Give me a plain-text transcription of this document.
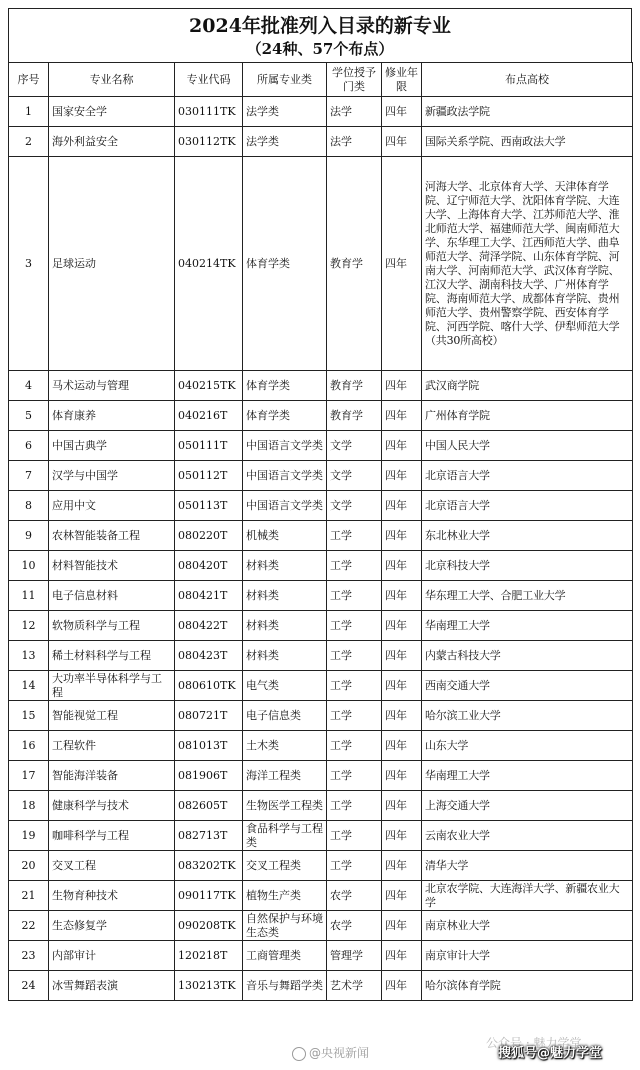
2024年批准列入目录的新专业
（24种、57个布点）
序号	专业名称	专业代码	所属专业类	学位授予门类	修业年限	布点高校
1	国家安全学	030111TK	法学类	法学	四年	新疆政法学院
2	海外利益安全	030112TK	法学类	法学	四年	国际关系学院、西南政法大学
3	足球运动	040214TK	体育学类	教育学	四年	河海大学、北京体育大学、天津体育学院、辽宁师范大学、沈阳体育学院、大连大学、上海体育大学、江苏师范大学、淮北师范大学、福建师范大学、闽南师范大学、东华理工大学、江西师范大学、曲阜师范大学、菏泽学院、山东体育学院、河南大学、河南师范大学、武汉体育学院、江汉大学、湖南科技大学、广州体育学院、海南师范大学、成都体育学院、贵州师范大学、贵州警察学院、西安体育学院、河西学院、喀什大学、伊犁师范大学（共30所高校）
4	马术运动与管理	040215TK	体育学类	教育学	四年	武汉商学院
5	体育康养	040216T	体育学类	教育学	四年	广州体育学院
6	中国古典学	050111T	中国语言文学类	文学	四年	中国人民大学
7	汉学与中国学	050112T	中国语言文学类	文学	四年	北京语言大学
8	应用中文	050113T	中国语言文学类	文学	四年	北京语言大学
9	农林智能装备工程	080220T	机械类	工学	四年	东北林业大学
10	材料智能技术	080420T	材料类	工学	四年	北京科技大学
11	电子信息材料	080421T	材料类	工学	四年	华东理工大学、合肥工业大学
12	软物质科学与工程	080422T	材料类	工学	四年	华南理工大学
13	稀土材料科学与工程	080423T	材料类	工学	四年	内蒙古科技大学
14	大功率半导体科学与工程	080610TK	电气类	工学	四年	西南交通大学
15	智能视觉工程	080721T	电子信息类	工学	四年	哈尔滨工业大学
16	工程软件	081013T	土木类	工学	四年	山东大学
17	智能海洋装备	081906T	海洋工程类	工学	四年	华南理工大学
18	健康科学与技术	082605T	生物医学工程类	工学	四年	上海交通大学
19	咖啡科学与工程	082713T	食品科学与工程类	工学	四年	云南农业大学
20	交叉工程	083202TK	交叉工程类	工学	四年	清华大学
21	生物育种技术	090117TK	植物生产类	农学	四年	北京农学院、大连海洋大学、新疆农业大学
22	生态修复学	090208TK	自然保护与环境生态类	农学	四年	南京林业大学
23	内部审计	120218T	工商管理类	管理学	四年	南京审计大学
24	冰雪舞蹈表演	130213TK	音乐与舞蹈学类	艺术学	四年	哈尔滨体育学院
@央视新闻
公众号 · 魅力学堂
搜狐号@魅力学堂
